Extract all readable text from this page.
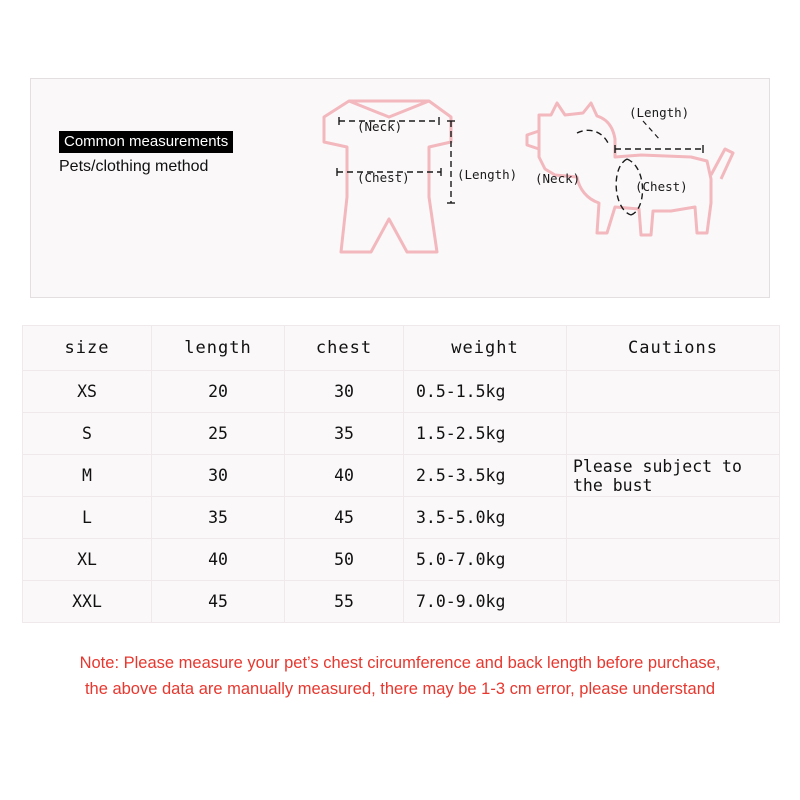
Common measurements
Pets/clothing method
(Neck)
(Chest)	(Length) (Neck)
(Chest)
(Length)
size	length	chest	weight	Cautions
XS	20	30	0.5-1.5kg	
S	25	35	1.5-2.5kg	
M	30	40	2.5-3.5kg	Please subject to the bust
L	35	45	3.5-5.0kg	
XL	40	50	5.0-7.0kg	
XXL	45	55	7.0-9.0kg	
Note: Please measure your pet’s chest circumference and back length before purchase,
the above data are manually measured, there may be 1-3 cm error, please understand
